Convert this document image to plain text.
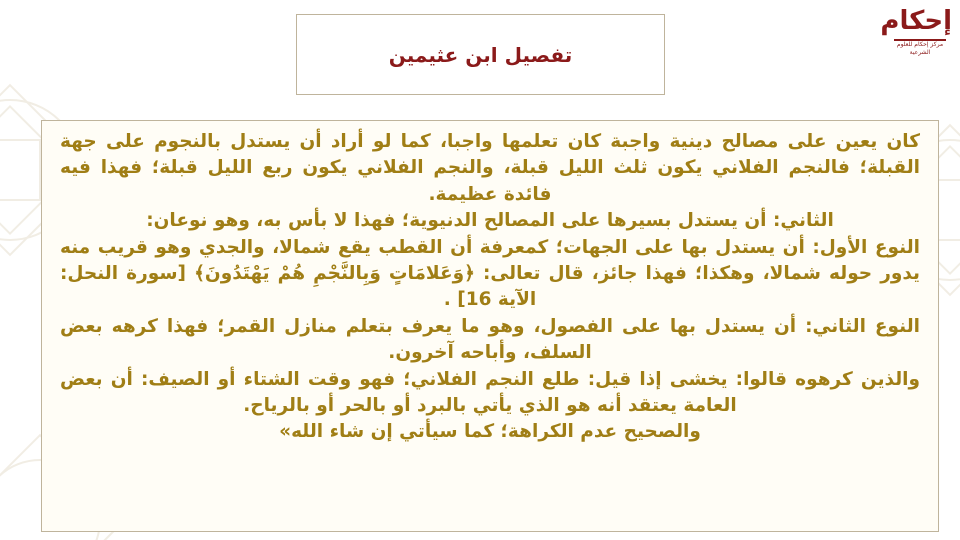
إحكام
مركز إحكام للعلوم الشرعية
تفصيل ابن عثيمين

كان يعين على مصالح دينية واجبة كان تعلمها واجبا، كما لو أراد أن يستدل بالنجوم على جهة القبلة؛ فالنجم الفلاني يكون ثلث الليل قبلة، والنجم الفلاني يكون ربع الليل قبلة؛ فهذا فيه فائدة عظيمة.

الثاني: أن يستدل بسيرها على المصالح الدنيوية؛ فهذا لا بأس به، وهو نوعان:

النوع الأول: أن يستدل بها على الجهات؛ كمعرفة أن القطب يقع شمالا، والجدي وهو قريب منه يدور حوله شمالا، وهكذا؛ فهذا جائز، قال تعالى: ﴿وَعَلامَاتٍ وَبِالنَّجْمِ هُمْ يَهْتَدُونَ﴾ [سورة النحل: الآية 16] .

النوع الثاني: أن يستدل بها على الفصول، وهو ما يعرف بتعلم منازل القمر؛ فهذا كرهه بعض السلف، وأباحه آخرون.

والذين كرهوه قالوا: يخشى إذا قيل: طلع النجم الفلاني؛ فهو وقت الشتاء أو الصيف: أن بعض العامة يعتقد أنه هو الذي يأتي بالبرد أو بالحر أو بالرياح.

والصحيح عدم الكراهة؛ كما سيأتي إن شاء الله»
